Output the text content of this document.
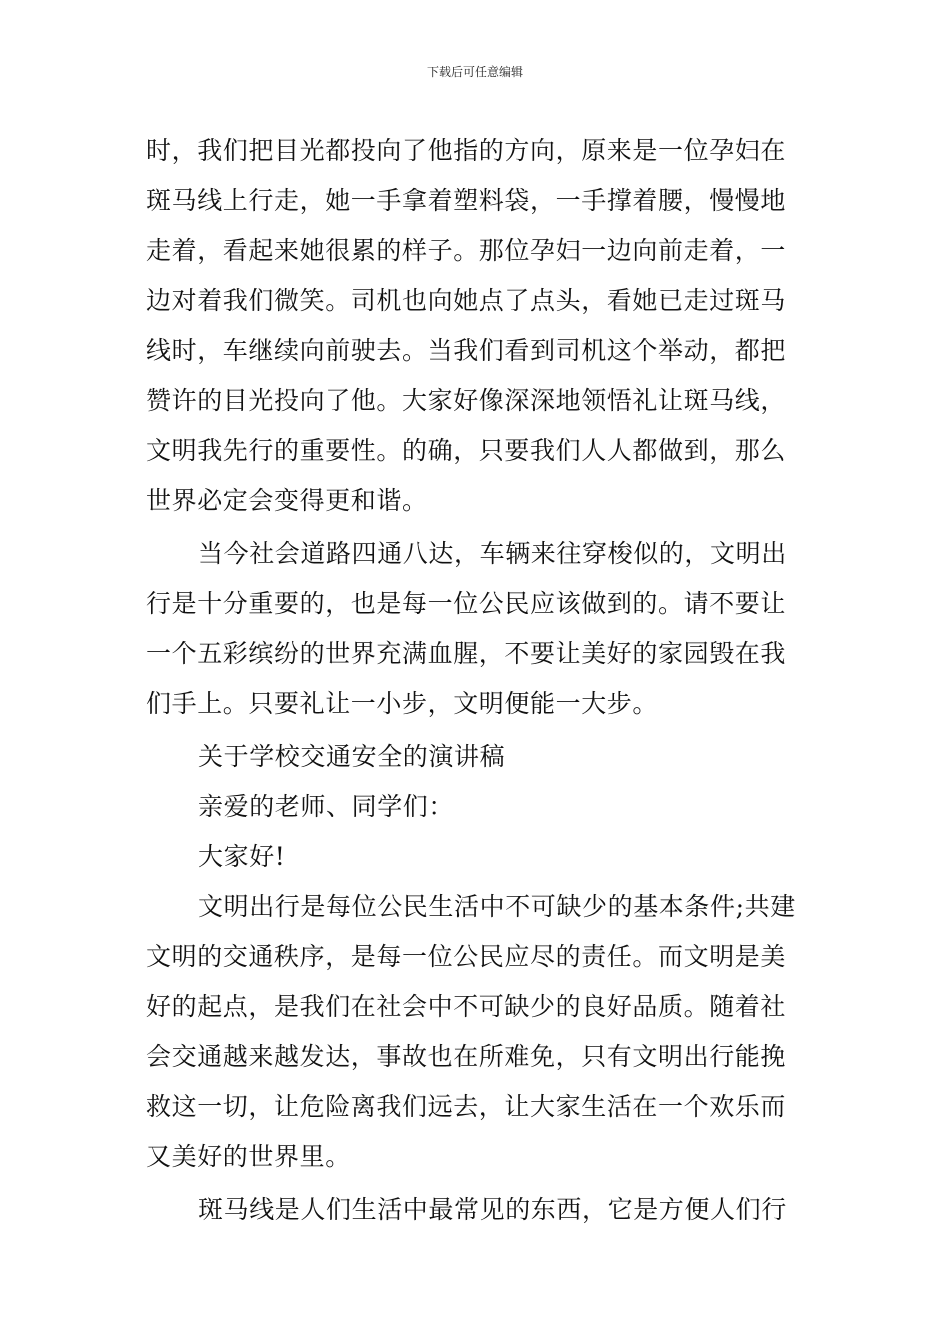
下载后可任意编辑
时，我们把目光都投向了他指的方向，原来是一位孕妇在
斑马线上行走，她一手拿着塑料袋，一手撑着腰，慢慢地
走着，看起来她很累的样子。那位孕妇一边向前走着，一
边对着我们微笑。司机也向她点了点头，看她已走过斑马
线时，车继续向前驶去。当我们看到司机这个举动，都把
赞许的目光投向了他。大家好像深深地领悟礼让斑马线，
文明我先行的重要性。的确，只要我们人人都做到，那么
世界必定会变得更和谐。
当今社会道路四通八达，车辆来往穿梭似的，文明出
行是十分重要的，也是每一位公民应该做到的。请不要让
一个五彩缤纷的世界充满血腥，不要让美好的家园毁在我
们手上。只要礼让一小步，文明便能一大步。
关于学校交通安全的演讲稿
亲爱的老师、同学们：
大家好!
文明出行是每位公民生活中不可缺少的基本条件;共建
文明的交通秩序，是每一位公民应尽的责任。而文明是美
好的起点，是我们在社会中不可缺少的良好品质。随着社
会交通越来越发达，事故也在所难免，只有文明出行能挽
救这一切，让危险离我们远去，让大家生活在一个欢乐而
又美好的世界里。
斑马线是人们生活中最常见的东西，它是方便人们行
